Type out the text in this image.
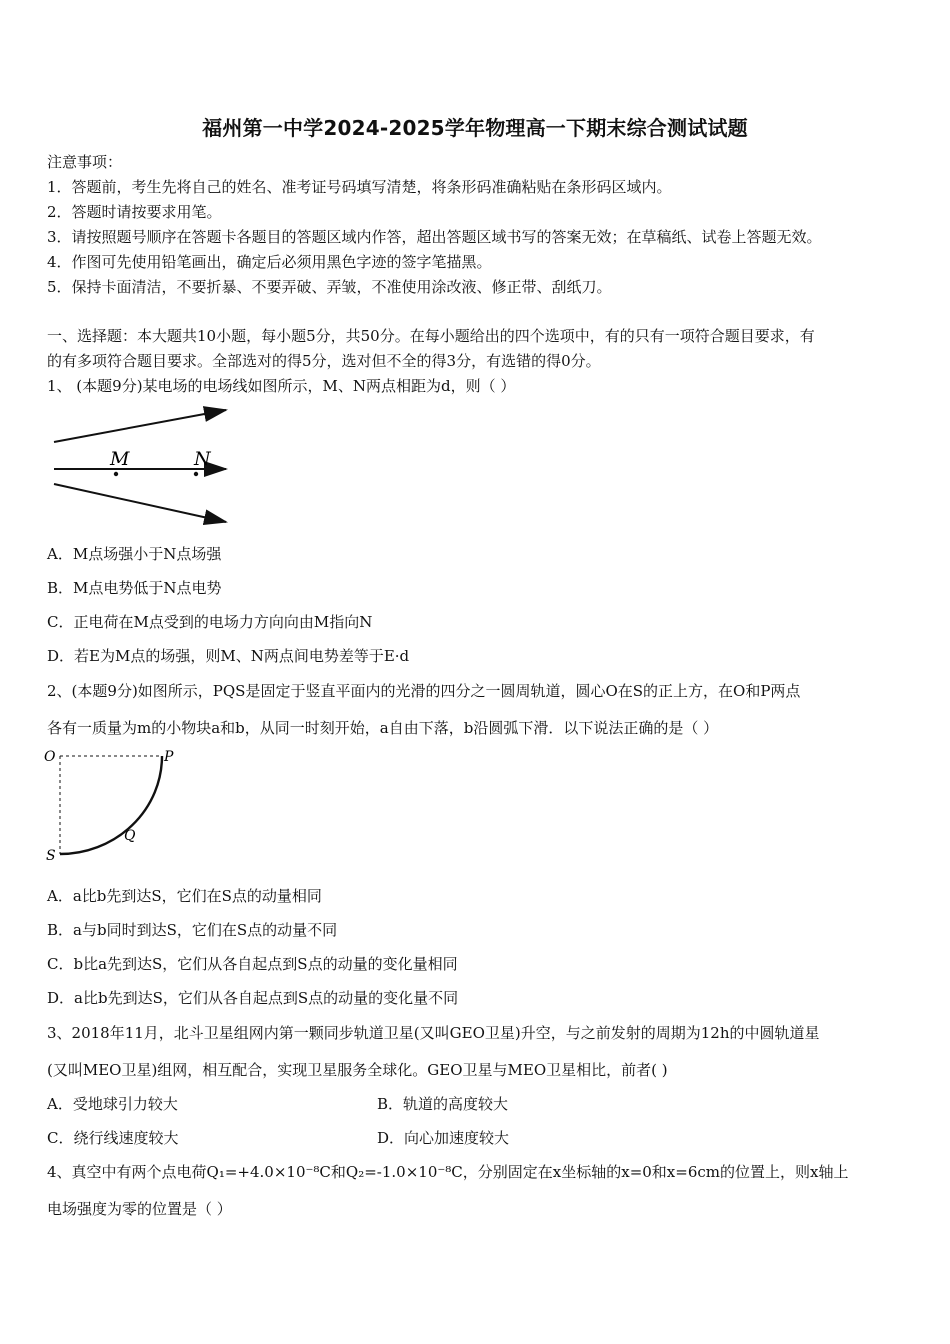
福州第一中学2024-2025学年物理高一下期末综合测试试题
注意事项：
1．答题前，考生先将自己的姓名、准考证号码填写清楚，将条形码准确粘贴在条形码区域内。
2．答题时请按要求用笔。
3．请按照题号顺序在答题卡各题目的答题区域内作答，超出答题区域书写的答案无效；在草稿纸、试卷上答题无效。
4．作图可先使用铅笔画出，确定后必须用黑色字迹的签字笔描黑。
5．保持卡面清洁，不要折暴、不要弄破、弄皱，不准使用涂改液、修正带、刮纸刀。
一、选择题：本大题共10小题，每小题5分，共50分。在每小题给出的四个选项中，有的只有一项符合题目要求，有
的有多项符合题目要求。全部选对的得5分，选对但不全的得3分，有选错的得0分。
1、 (本题9分)某电场的电场线如图所示，M、N两点相距为d，则（ ）
M	N
A．M点场强小于N点场强
B．M点电势低于N点电势
C．正电荷在M点受到的电场力方向向由M指向N
D．若E为M点的场强，则M、N两点间电势差等于E·d
2、(本题9分)如图所示，PQS是固定于竖直平面内的光滑的四分之一圆周轨道，圆心O在S的正上方，在O和P两点
各有一质量为m的小物块a和b，从同一时刻开始，a自由下落，b沿圆弧下滑．以下说法正确的是（ ）
O	P
Q
S
A．a比b先到达S，它们在S点的动量相同
B．a与b同时到达S，它们在S点的动量不同
C．b比a先到达S，它们从各自起点到S点的动量的变化量相同
D．a比b先到达S，它们从各自起点到S点的动量的变化量不同
3、2018年11月，北斗卫星组网内第一颗同步轨道卫星(又叫GEO卫星)升空，与之前发射的周期为12h的中圆轨道星
(又叫MEO卫星)组网，相互配合，实现卫星服务全球化。GEO卫星与MEO卫星相比，前者( )
A．受地球引力较大	B．轨道的高度较大
C．绕行线速度较大	D．向心加速度较大
4、真空中有两个点电荷Q₁=+4.0×10⁻⁸C和Q₂=-1.0×10⁻⁸C，分别固定在x坐标轴的x=0和x=6cm的位置上，则x轴上
电场强度为零的位置是（ ）
